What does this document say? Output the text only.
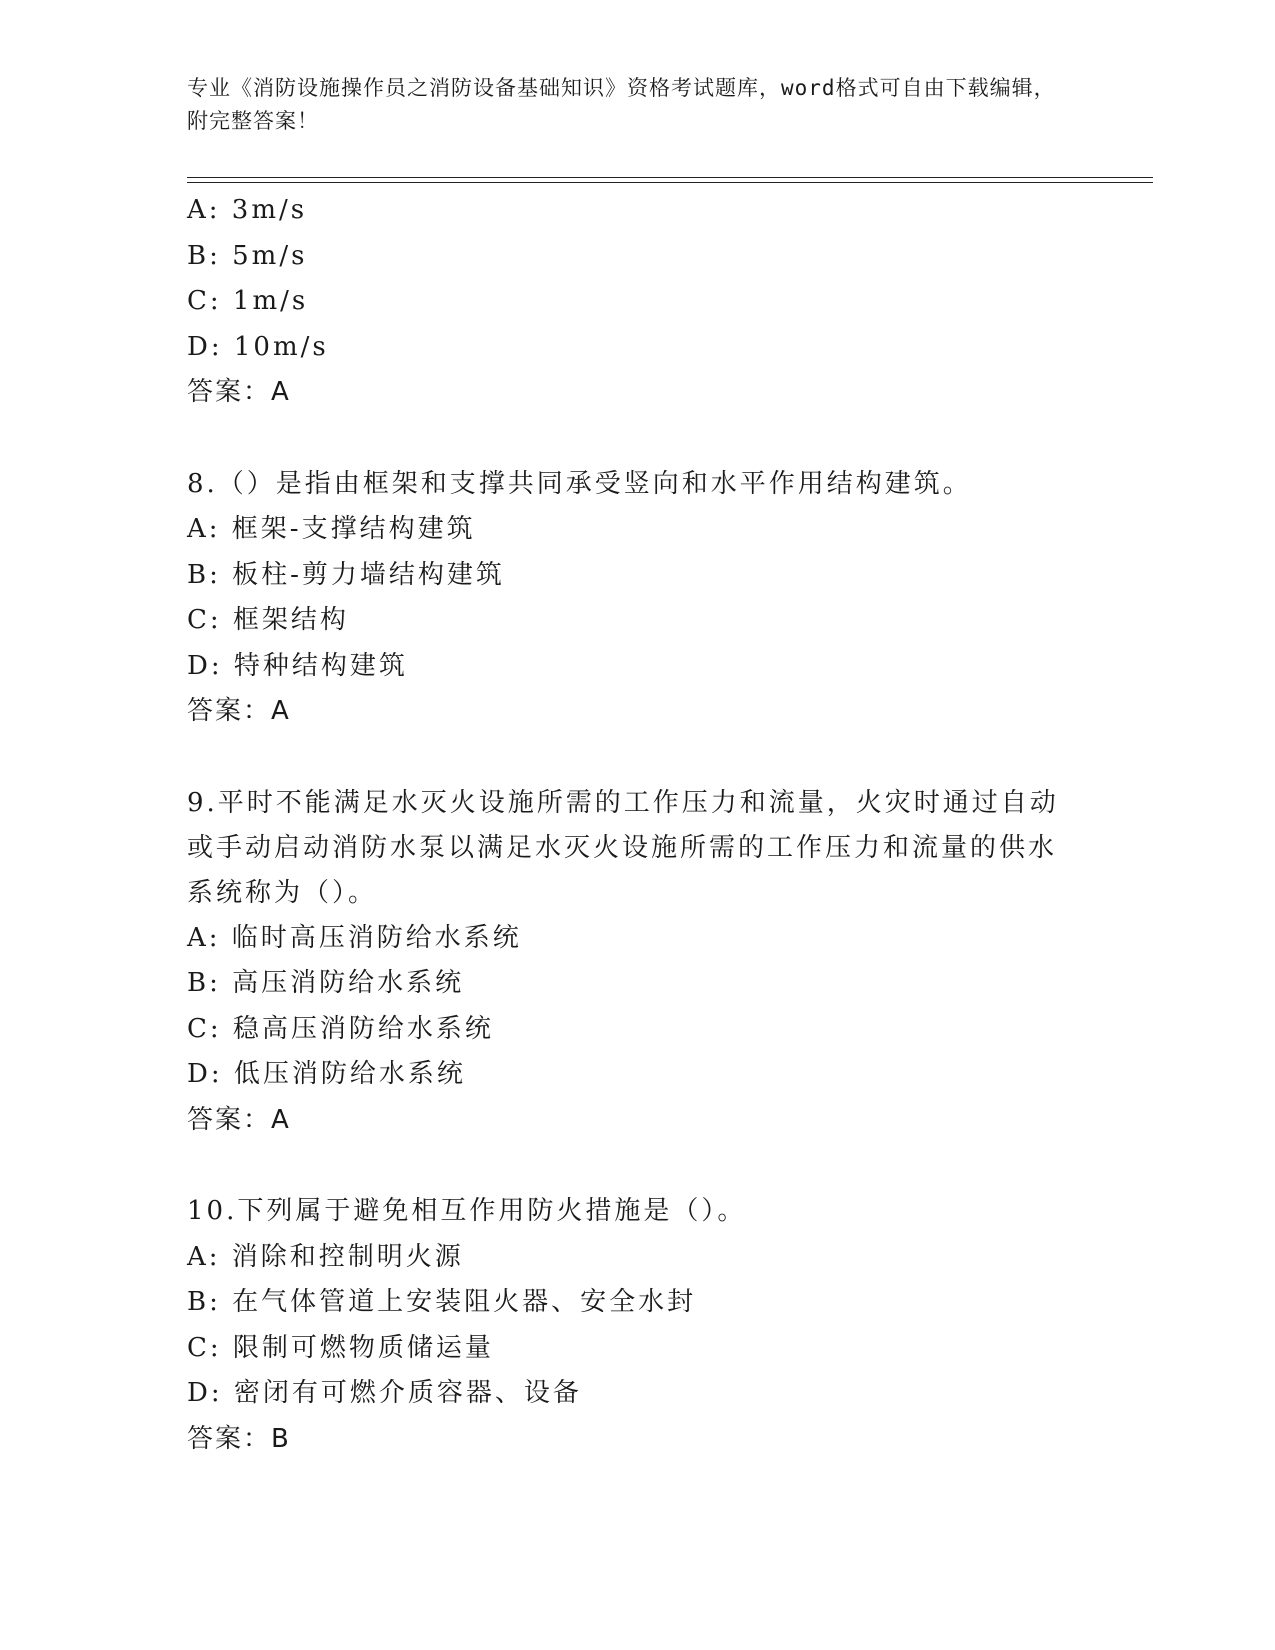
专业《消防设施操作员之消防设备基础知识》资格考试题库，word格式可自由下载编辑，附完整答案！
A: 3m/s
B: 5m/s
C: 1m/s
D: 10m/s
答案：A
8.（）是指由框架和支撑共同承受竖向和水平作用结构建筑。
A: 框架-支撑结构建筑
B: 板柱-剪力墙结构建筑
C: 框架结构
D: 特种结构建筑
答案：A

9.平时不能满足水灭火设施所需的工作压力和流量，火灾时通过自动或手动启动消防水泵以满足水灭火设施所需的工作压力和流量的供水系统称为（）。

A: 临时高压消防给水系统
B: 高压消防给水系统
C: 稳高压消防给水系统
D: 低压消防给水系统
答案：A
10.下列属于避免相互作用防火措施是（）。
A: 消除和控制明火源
B: 在气体管道上安装阻火器、安全水封
C: 限制可燃物质储运量
D: 密闭有可燃介质容器、设备
答案：B
